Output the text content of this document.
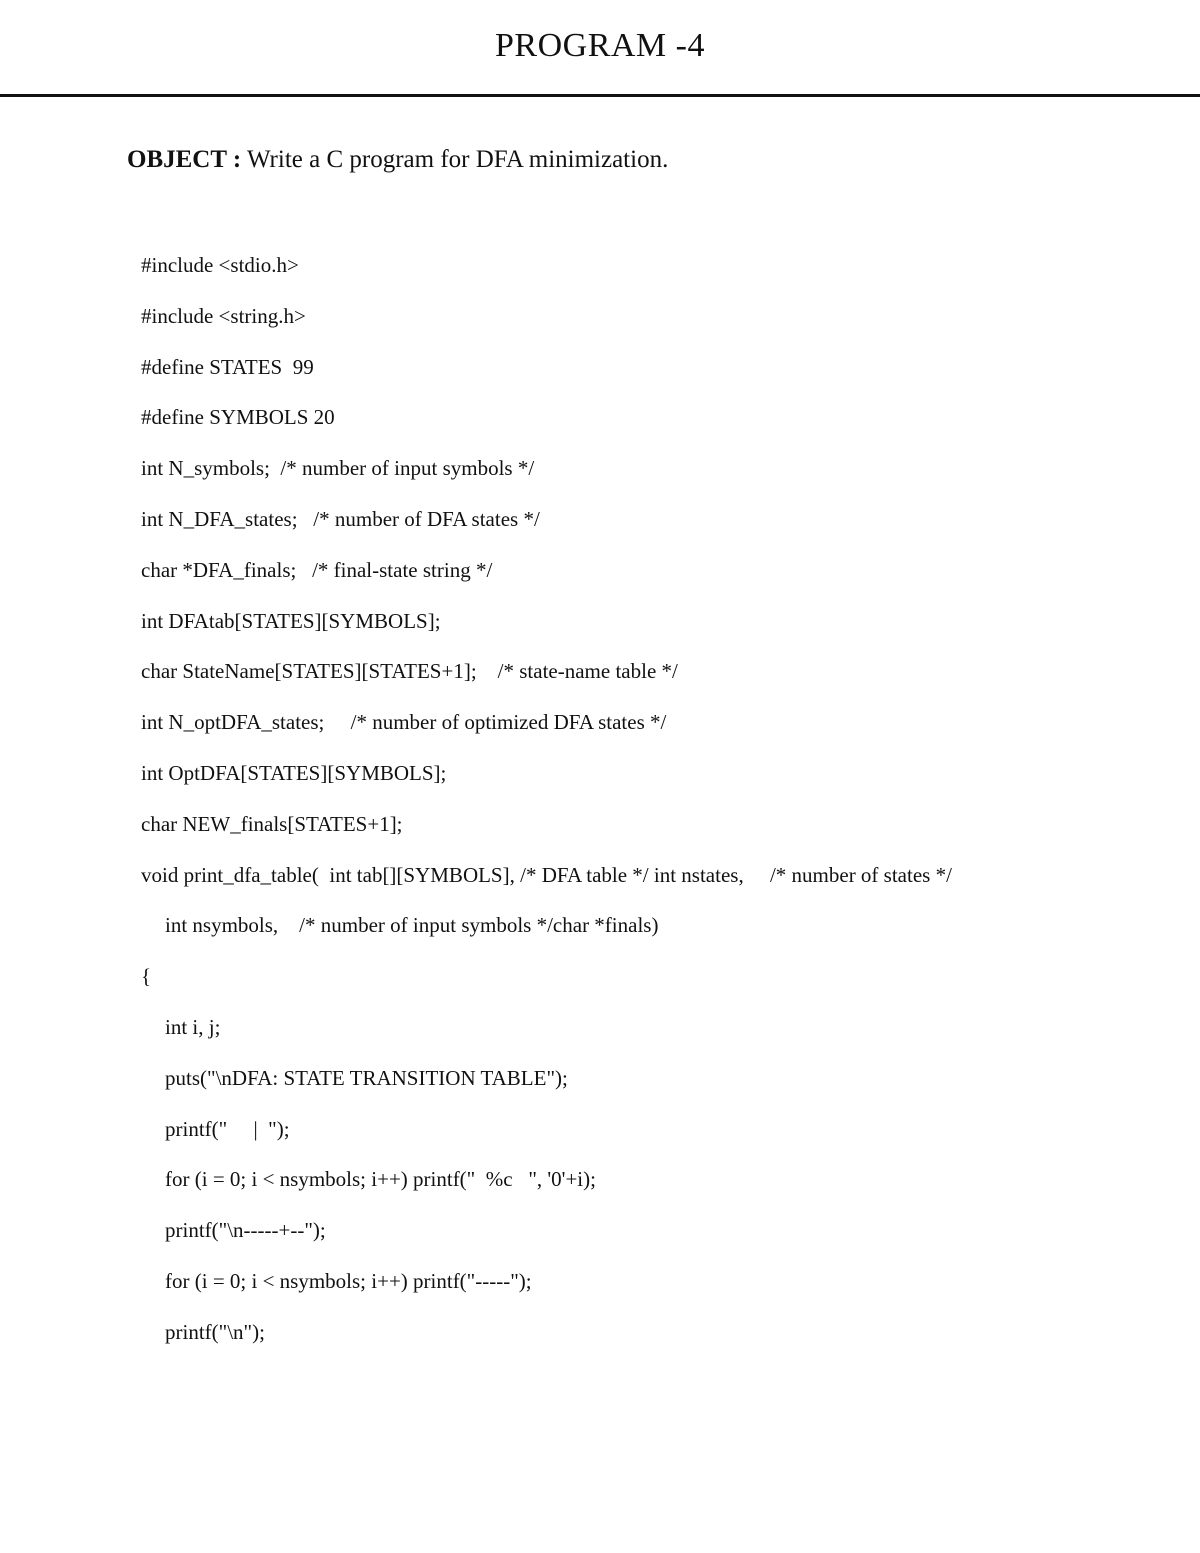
PROGRAM -4
OBJECT : Write a C program for DFA minimization.
#include <stdio.h>
#include <string.h>
#define STATES  99
#define SYMBOLS 20
int N_symbols;  /* number of input symbols */
int N_DFA_states;   /* number of DFA states */
char *DFA_finals;   /* final-state string */
int DFAtab[STATES][SYMBOLS];
char StateName[STATES][STATES+1];    /* state-name table */
int N_optDFA_states;     /* number of optimized DFA states */
int OptDFA[STATES][SYMBOLS];
char NEW_finals[STATES+1];
void print_dfa_table(  int tab[][SYMBOLS], /* DFA table */ int nstates,     /* number of states */
int nsymbols,    /* number of input symbols */char *finals)
{
int i, j;
puts("\nDFA: STATE TRANSITION TABLE");
printf("     |  ");
for (i = 0; i < nsymbols; i++) printf("  %c   ", '0'+i);
printf("\n-----+--");
for (i = 0; i < nsymbols; i++) printf("-----");
printf("\n");
